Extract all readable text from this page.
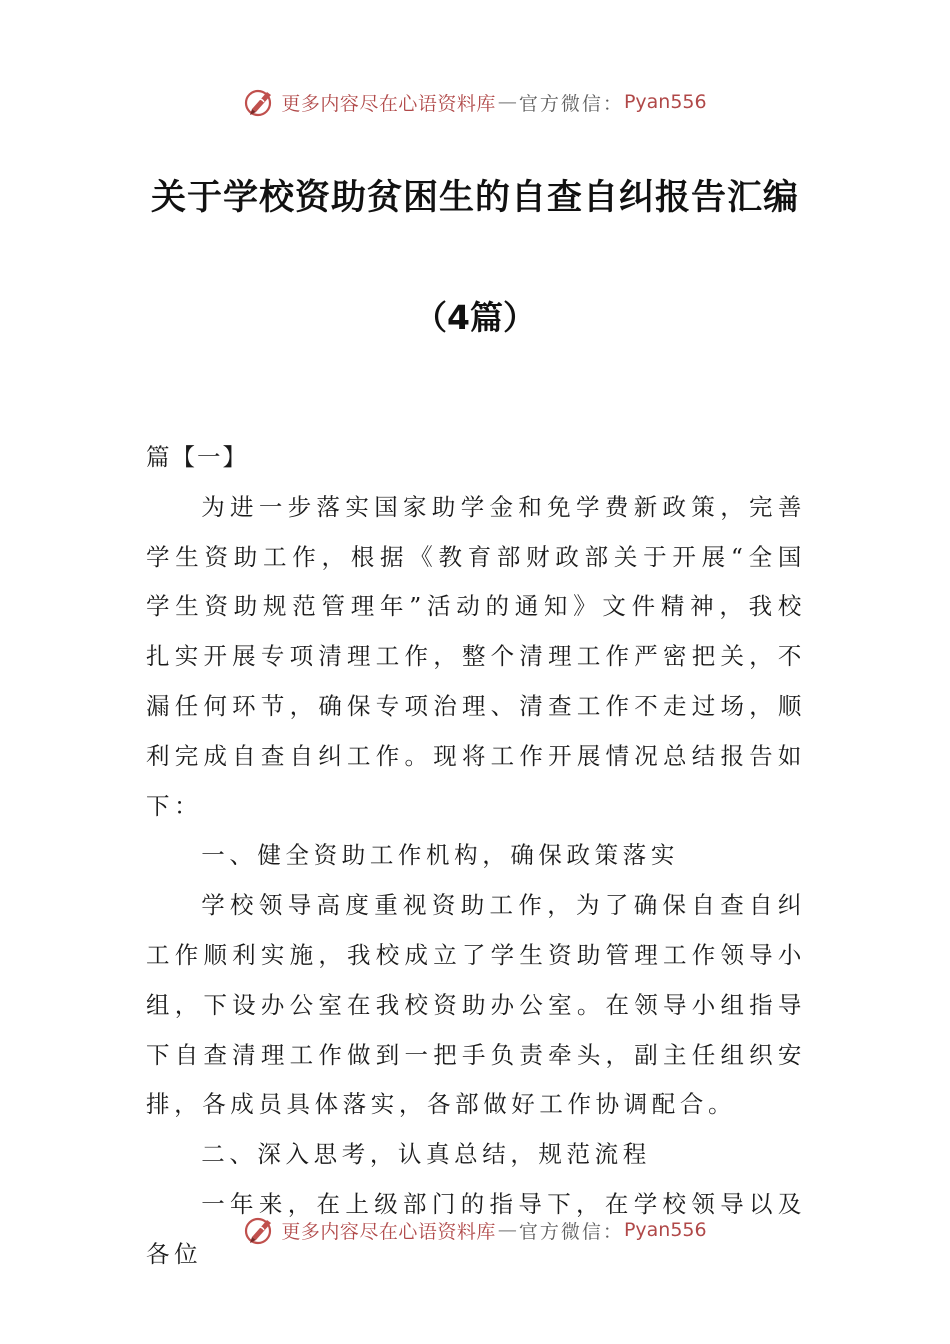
更多内容尽在心语资料库 — 官方微信： Pyan556
关于学校资助贫困生的自查自纠报告汇编
（4篇）

篇【一】

为进一步落实国家助学金和免学费新政策，完善学生资助工作，根据《教育部财政部关于开展“全国学生资助规范管理年”活动的通知》文件精神，我校扎实开展专项清理工作，整个清理工作严密把关，不漏任何环节，确保专项治理、清查工作不走过场，顺利完成自查自纠工作。现将工作开展情况总结报告如下：

一、健全资助工作机构，确保政策落实

学校领导高度重视资助工作，为了确保自查自纠工作顺利实施，我校成立了学生资助管理工作领导小组，下设办公室在我校资助办公室。在领导小组指导下自查清理工作做到一把手负责牵头，副主任组织安排，各成员具体落实，各部做好工作协调配合。

二、深入思考，认真总结，规范流程

一年来，在上级部门的指导下，在学校领导以及各位

更多内容尽在心语资料库 — 官方微信： Pyan556
